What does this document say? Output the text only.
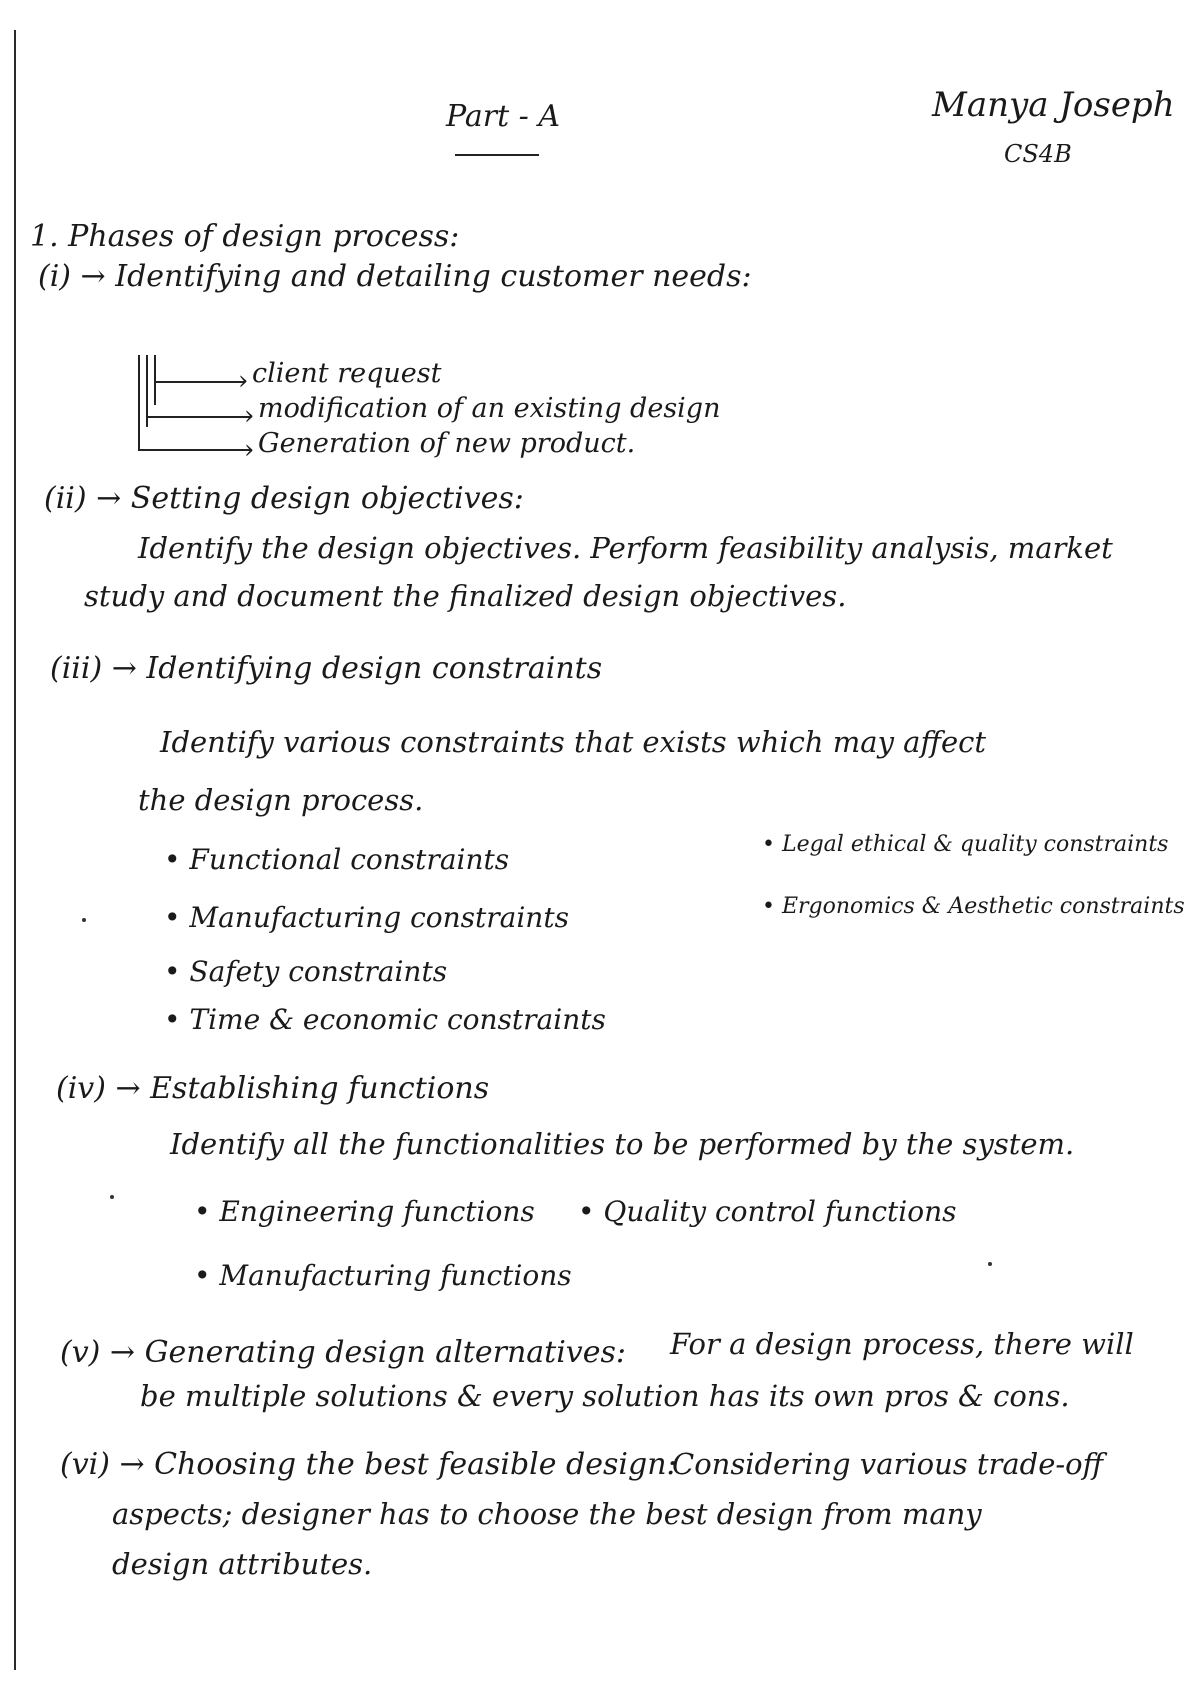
Part - A	Manya Joseph
CS4B
1. Phases of design process:
(i) → Identifying and detailing customer needs:
› client request
› modification of an existing design
› Generation of new product.
(ii) → Setting design objectives:
Identify the design objectives. Perform feasibility analysis, market
study and document the finalized design objectives.
(iii) → Identifying design constraints
Identify various constraints that exists which may affect
the design process.
• Functional constraints
• Manufacturing constraints
• Safety constraints
• Time & economic constraints
• Legal ethical & quality constraints
• Ergonomics & Aesthetic constraints
(iv) → Establishing functions
Identify all the functionalities to be performed by the system.
• Engineering functions • Quality control functions
• Manufacturing functions
(v) → Generating design alternatives: For a design process, there will
be multiple solutions & every solution has its own pros & cons.
(vi) → Choosing the best feasible design:
Considering various trade-off
aspects; designer has to choose the best design from many
design attributes.
